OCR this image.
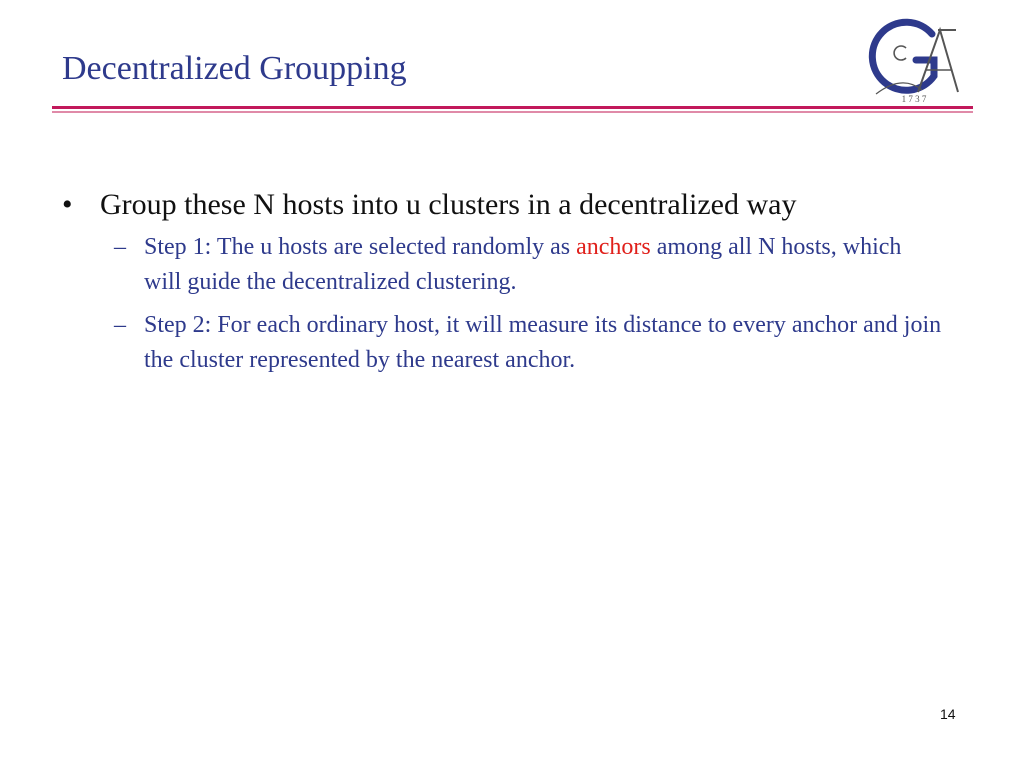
Decentralized Groupping
1 7 3 7
• Group these N hosts into u clusters in a decentralized way
– Step 1: The u hosts are selected randomly as anchors among all N hosts, which will guide the decentralized clustering.
– Step 2: For each ordinary host, it will measure its distance to every anchor and join the cluster represented by the nearest anchor.
14
